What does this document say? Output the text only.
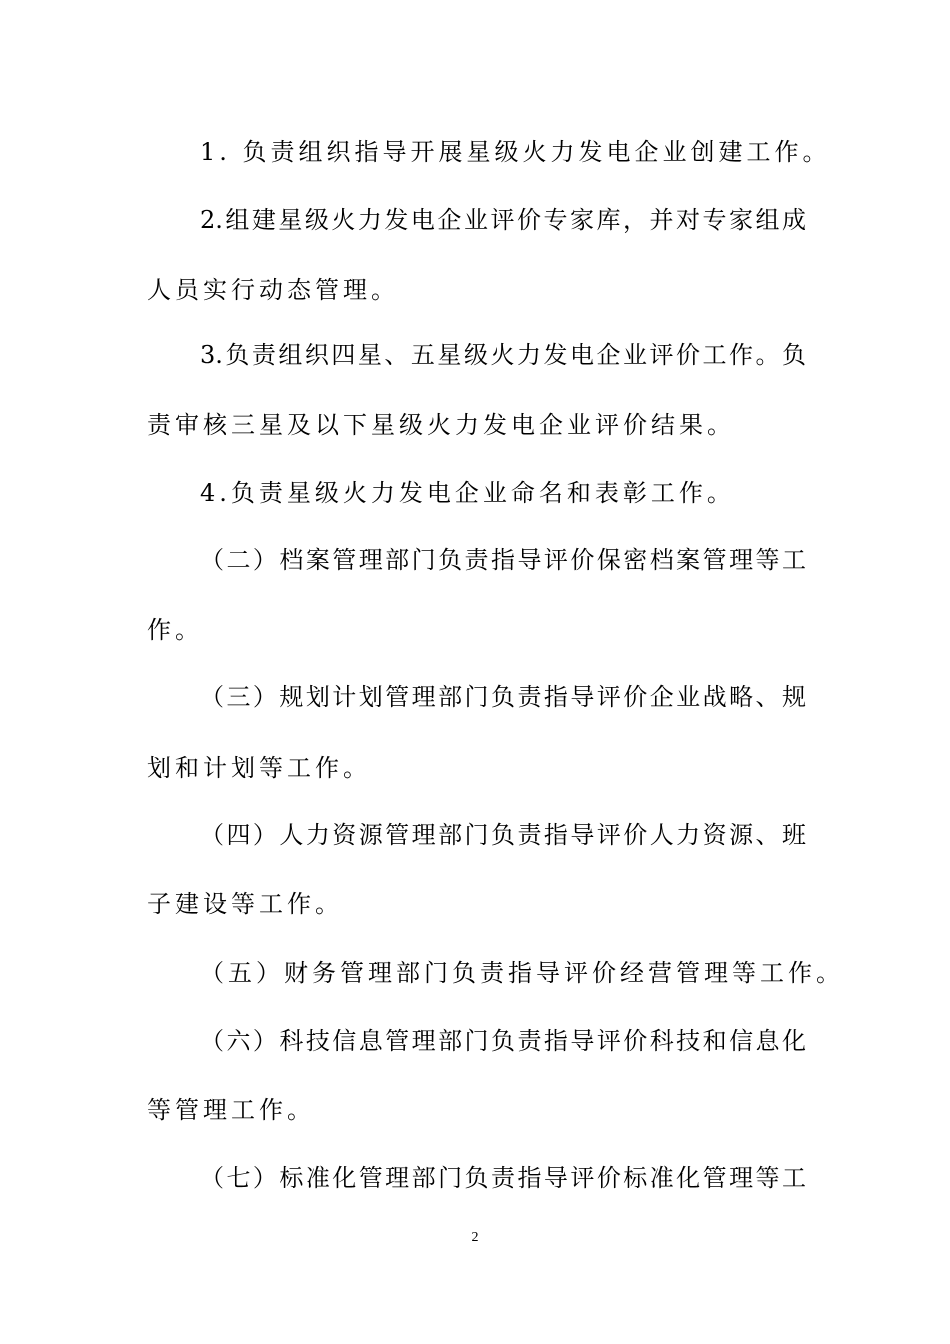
1. 负责组织指导开展星级火力发电企业创建工作。
2.组建星级火力发电企业评价专家库，并对专家组成
人员实行动态管理。
3.负责组织四星、五星级火力发电企业评价工作。负
责审核三星及以下星级火力发电企业评价结果。
4.负责星级火力发电企业命名和表彰工作。
（二）档案管理部门负责指导评价保密档案管理等工
作。
（三）规划计划管理部门负责指导评价企业战略、规
划和计划等工作。
（四）人力资源管理部门负责指导评价人力资源、班
子建设等工作。
（五）财务管理部门负责指导评价经营管理等工作。
（六）科技信息管理部门负责指导评价科技和信息化
等管理工作。
（七）标准化管理部门负责指导评价标准化管理等工
2
